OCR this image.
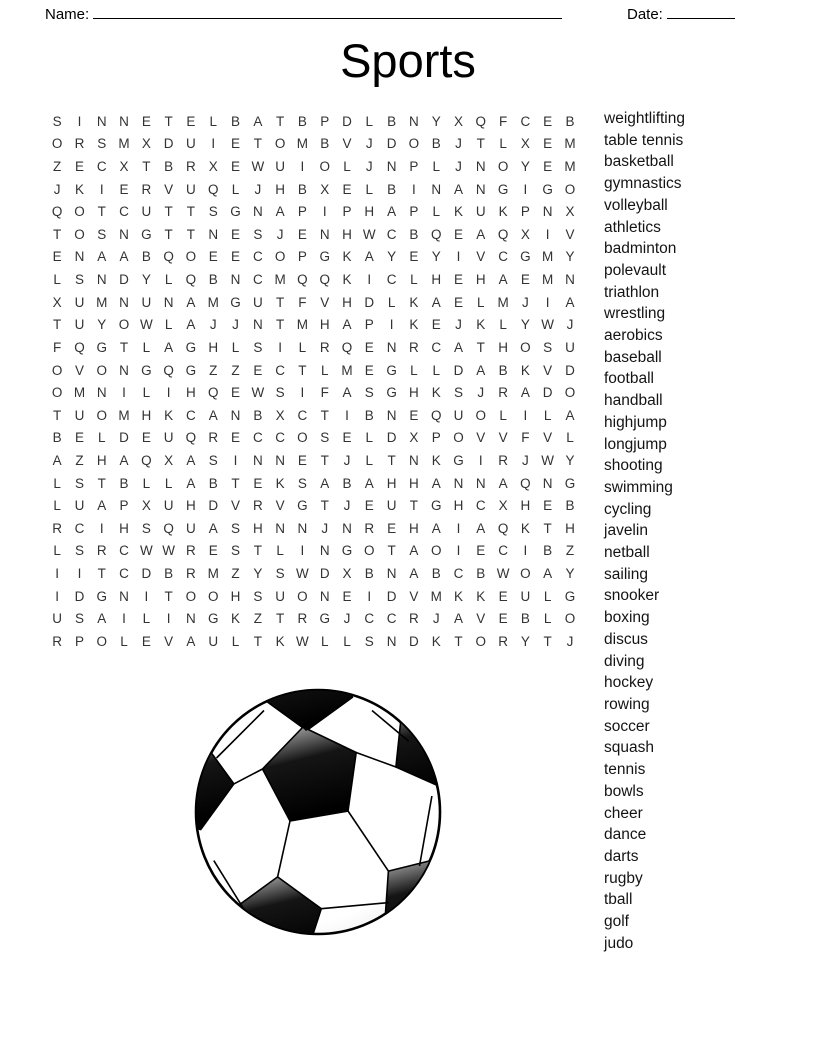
Name:	Date:
Sports
S	I	N N E	T	E	L	B A	T	B P D	L	B N Y X Q F C E B
O R S M X D U	I	E	T O M B V	J	D O B	J	T	L	X E M
Z	E C X	T	B R X E W U	I	O L	J	N P	L	J	N O Y E M
J	K	I	E R V U Q L	J	H B X E	L	B	I	N A N G	I	G O
Q O T C U T	T	S G N A P	I	P H A P	L	K U K P N X
T O S N G T	T N E S	J	E N H W C B Q E A Q X	I	V
E N A A B Q O E E C O P G K A Y E Y	I	V C G M Y
L	S N D Y	L Q B N C M Q Q K	I	C	L	H E H A E M N
X U M N U N A M G U T	F	V H D	L	K A E	L M J	I	A
T U Y O W L	A	J	J	N T M H A P	I	K E	J	K	L	Y W J
F Q G T	L	A G H	L	S	I	L	R Q E N R C A	T H O S U
O V O N G Q G Z	Z	E C T	L M E G L	L	D A B K V D
O M N	I	L	I	H Q E W S	I	F	A S G H K S	J	R A D O
T U O M H K C A N B X C T	I	B N E Q U O L	I	L	A
B E	L	D E U Q R E C C O S E	L	D X P O V V	F	V	L
A	Z H A Q X A S	I	N N E	T	J	L	T N K G	I	R	J W Y
L	S	T	B	L	L	A B	T	E K S A B A H H A N N A Q N G
L	U A P X U H D V R V G T	J	E U T G H C X H E B
R C	I	H S Q U A S H N N	J	N R E H A	I	A Q K	T H
L	S R C W W R E S	T	L	I	N G O T	A O	I	E C	I	B	Z
I	I	T C D B R M Z	Y S W D X B N A B C B W O A Y
I	D G N	I	T O O H S U O N E	I	D V M K K E U	L G
U S A	I	L	I	N G K	Z	T R G	J	C C R	J	A V E B	L O
R P O L	E V A U	L	T	K W L	L	S N D K	T O R Y	T	J
weightlifting
table tennis
basketball
gymnastics
volleyball
athletics
badminton
polevault
triathlon
wrestling
aerobics
baseball
football
handball
highjump
longjump
shooting
swimming
cycling
javelin
netball
sailing
snooker
boxing
discus
diving
hockey
rowing
soccer
squash
tennis
bowls
cheer
dance
darts
rugby
tball
golf
judo
